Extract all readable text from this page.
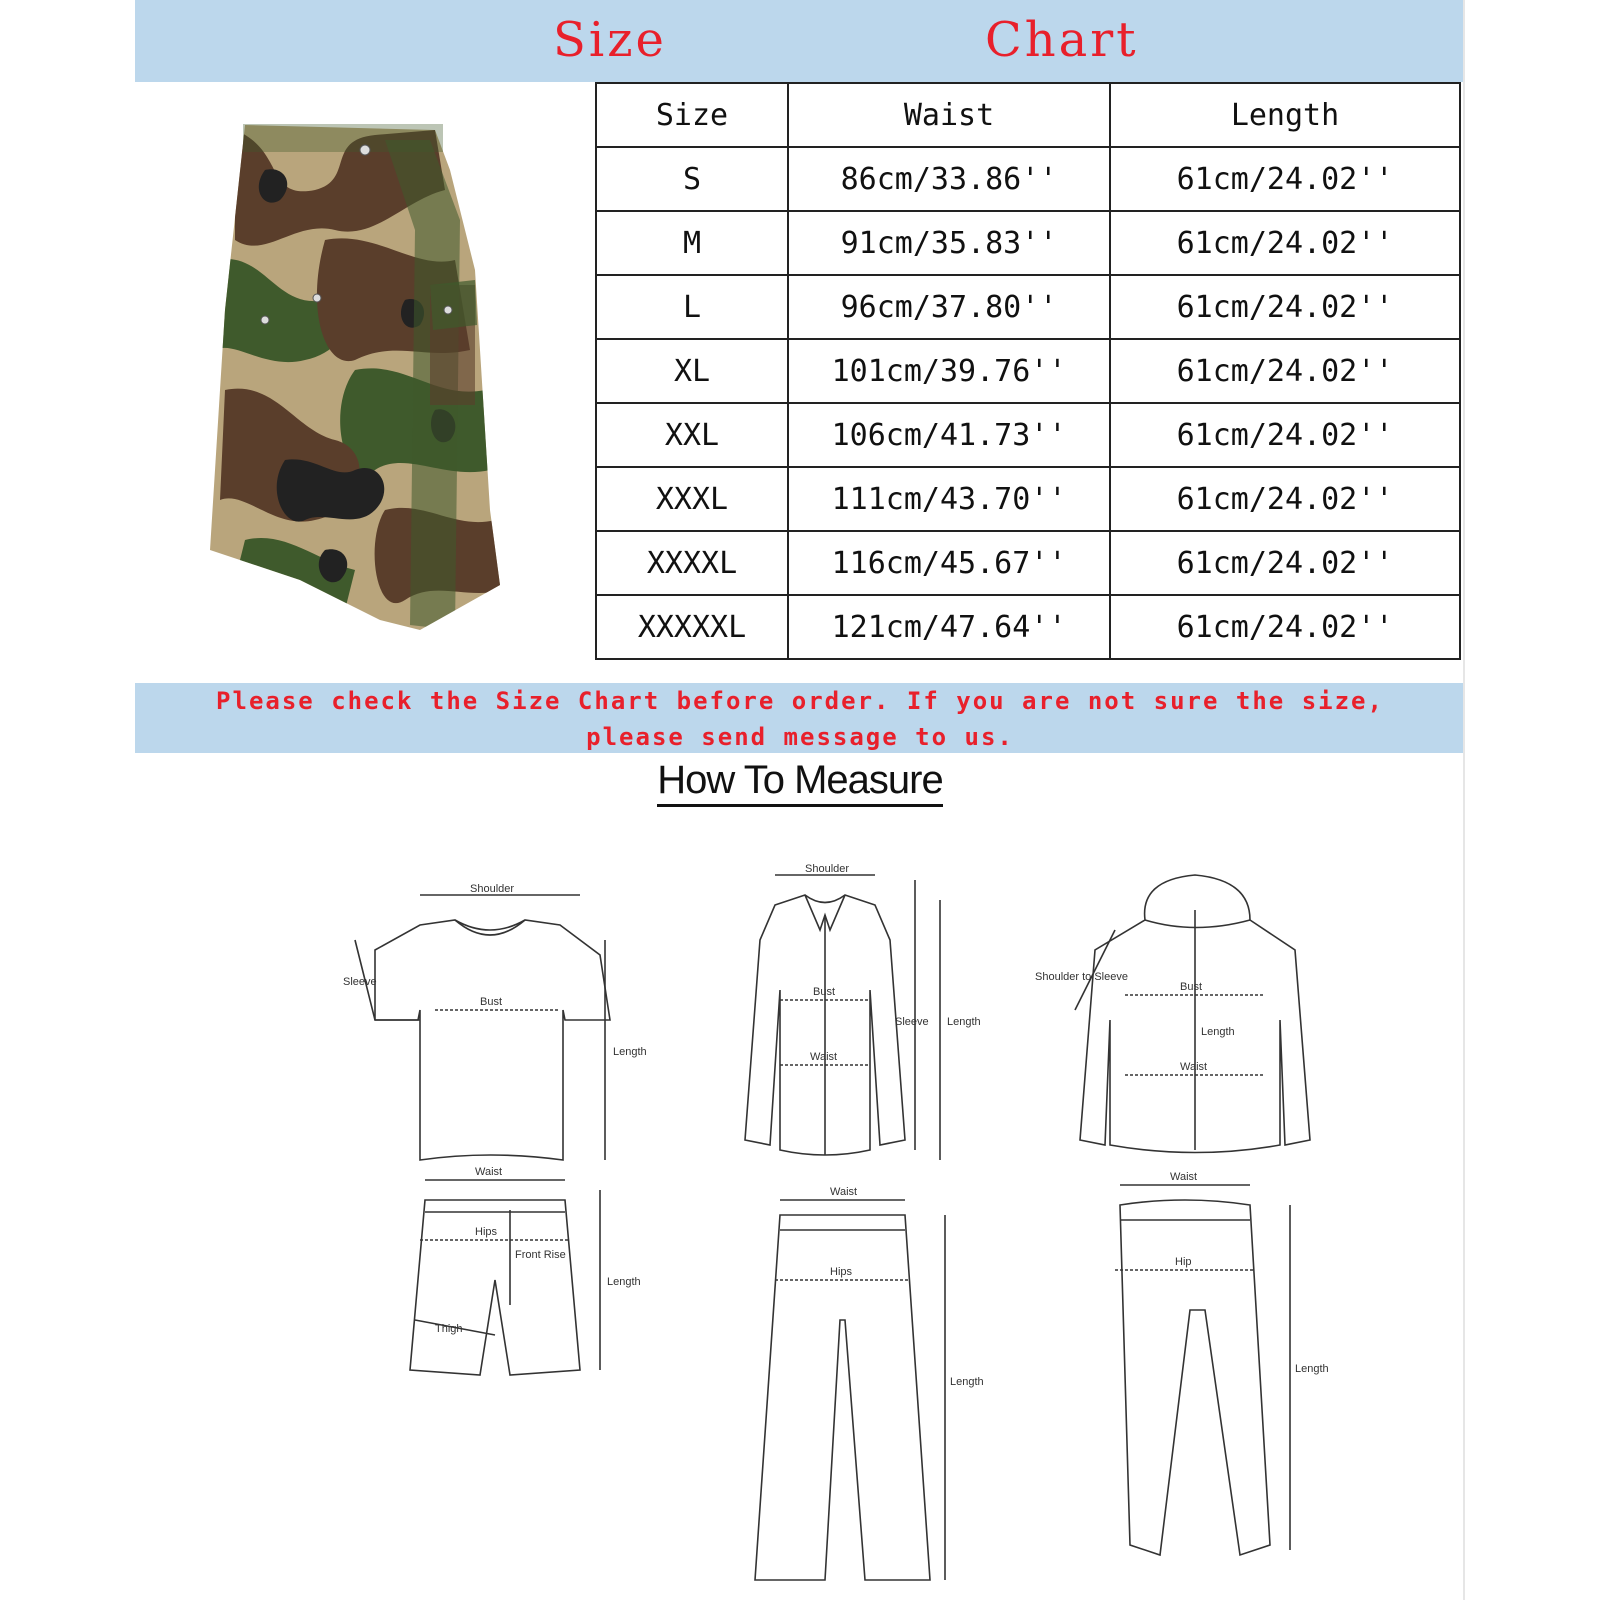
Size	Chart
Size	Waist	Length
S	86cm/33.86''	61cm/24.02''
M	91cm/35.83''	61cm/24.02''
L	96cm/37.80''	61cm/24.02''
XL	101cm/39.76''	61cm/24.02''
XXL	106cm/41.73''	61cm/24.02''
XXXL	111cm/43.70''	61cm/24.02''
XXXXL	116cm/45.67''	61cm/24.02''
XXXXXL	121cm/47.64''	61cm/24.02''
Please check the Size Chart before order. If you are not sure the size,
please send message to us.
How To Measure
Shoulder
Sleeve
Bust
Length
Shoulder
Bust
Waist
Sleeve Length
Shoulder to Sleeve
Bust
Length
Waist
Waist
Hips
Front Rise
Length
Thigh
Waist
Hips
Length
Waist
Hip
Length
